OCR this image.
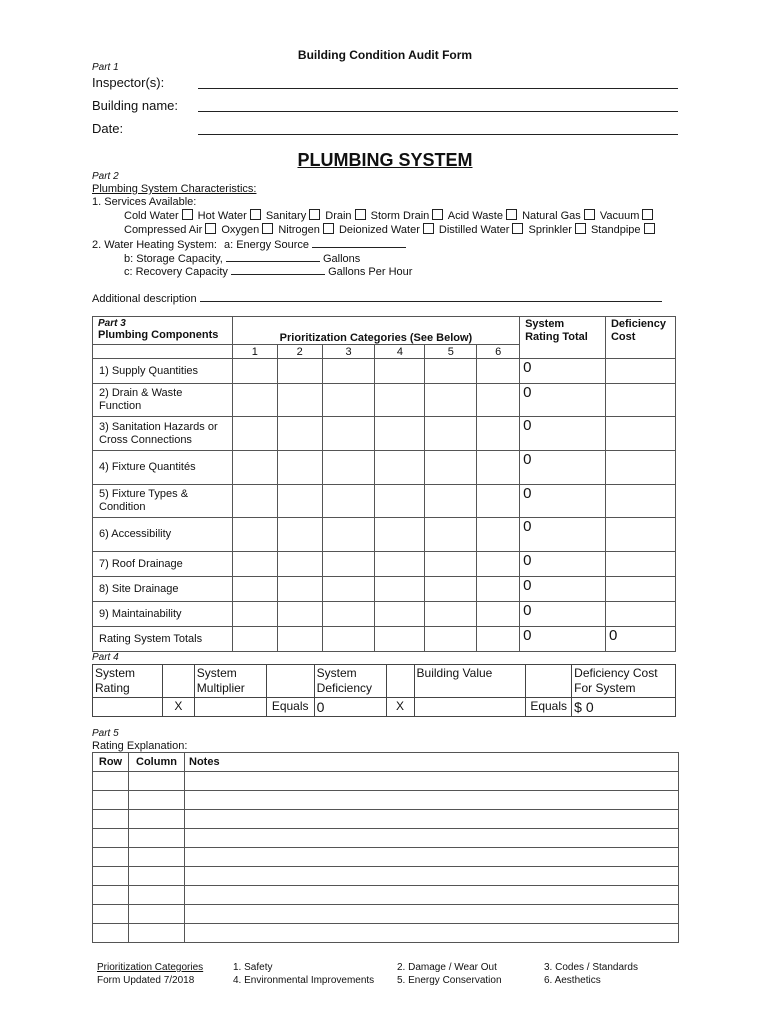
Building Condition Audit Form
Part 1
Inspector(s):
Building name:
Date:
PLUMBING SYSTEM
Part 2
Plumbing System Characteristics:
1. Services Available:
Cold Water Hot Water Sanitary Drain Storm Drain Acid Waste Natural Gas Vacuum
Compressed Air Oxygen Nitrogen Deionized Water Distilled Water Sprinkler Standpipe
2. Water Heating System: a: Energy Source
b: Storage Capacity,	Gallons
c: Recovery Capacity	Gallons Per Hour
Additional description
Part 3
Plumbing Components	Prioritization Categories (See Below)						System Rating Total	Deficiency Cost
	1	2	3	4	5	6		
1) Supply Quantities							0	
2) Drain & Waste Function							0	
3) Sanitation Hazards or Cross Connections							0	
4) Fixture Quantités							0	
5) Fixture Types & Condition							0	
6) Accessibility							0	
7) Roof Drainage							0	
8) Site Drainage							0	
9) Maintainability							0	
Rating System Totals							0	0
Part 4
System Rating		System Multiplier		System Deficiency		Building Value		Deficiency Cost For System
	X		Equals	0	X		Equals	$ 0
Part 5
Rating Explanation:
Row	Column	Notes

Prioritization Categories
Form Updated 7/2018
1. Safety
4. Environmental Improvements
2. Damage / Wear Out
5. Energy Conservation
3. Codes / Standards
6. Aesthetics
